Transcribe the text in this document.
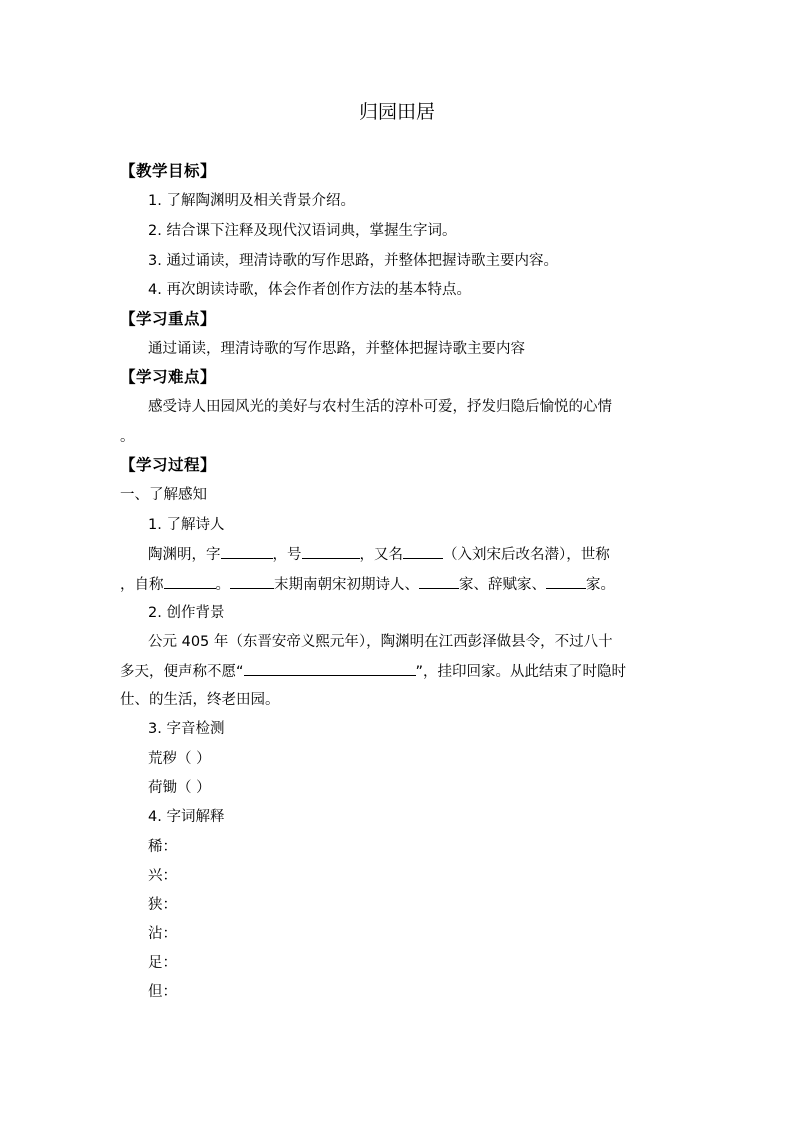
归园田居
【教学目标】
1. 了解陶渊明及相关背景介绍。
2. 结合课下注释及现代汉语词典，掌握生字词。
3. 通过诵读，理清诗歌的写作思路，并整体把握诗歌主要内容。
4. 再次朗读诗歌，体会作者创作方法的基本特点。
【学习重点】
通过诵读，理清诗歌的写作思路，并整体把握诗歌主要内容
【学习难点】
感受诗人田园风光的美好与农村生活的淳朴可爱，抒发归隐后愉悦的心情
。
【学习过程】
一、了解感知
1. 了解诗人
陶渊明，字	，号	，又名	（入刘宋后改名潜），世称
，自称	。	末期南朝宋初期诗人、	家、辞赋家、	家。
2. 创作背景
公元 405 年（东晋安帝义熙元年），陶渊明在江西彭泽做县令，不过八十
多天，便声称不愿“	”，挂印回家。从此结束了时隐时
仕、的生活，终老田园。
3. 字音检测
荒秽（ ）
荷锄（ ）
4. 字词解释
稀：
兴：
狭：
沾：
足：
但：
